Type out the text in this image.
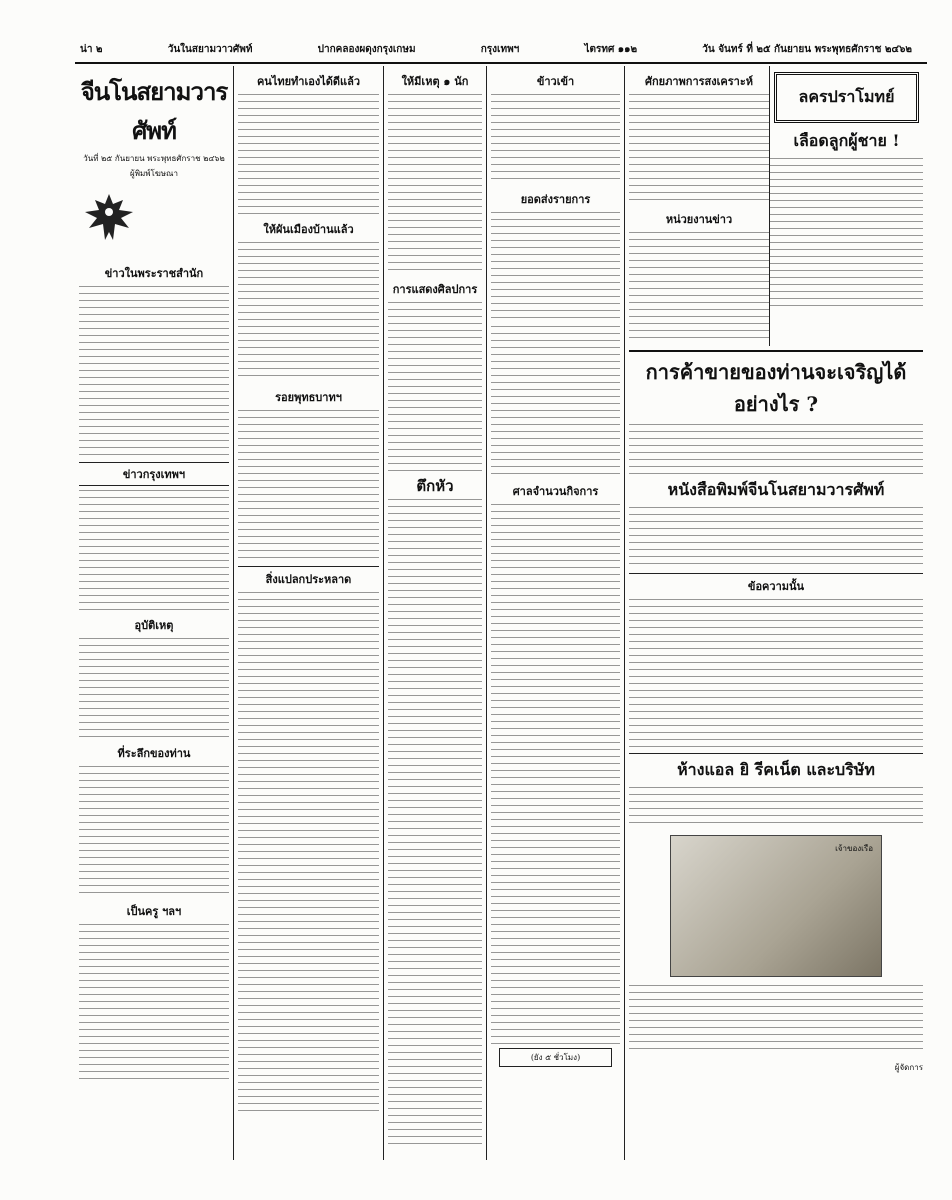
น่า ๒	วันในสยามวาวศัพท์	ปากคลองผดุงกรุงเกษม	กรุงเทพฯ	ไตรทศ ๑๑๒	วัน จันทร์ ที่ ๒๕ กันยายน พระพุทธศักราช ๒๔๖๒
จีนโนสยามวารศัพท์
วันที่ ๒๕ กันยายน พระพุทธศักราช ๒๔๖๒
ผู้พิมพ์โฆษณา
ข่าวในพระราชสำนัก
ข่าวกรุงเทพฯ
อุบัติเหตุ
ที่ระลึกของท่าน
เป็นครู ฯลฯ
คนไทยทำเองได้ดีแล้ว
ให้ผันเมืองบ้านแล้ว
รอยพุทธบาทฯ
สิ่งแปลกประหลาด
ให้มีเหตุ ๑ นัก
การแสดงศิลปการ
ตึกหัว
ข้าวเข้า
ยอดส่งรายการ
ศาลจำนวนกิจการ
(ยัง ๕ ชั่วโมง)
ศักยภาพการสงเคราะห์
หน่วยงานข่าว
ลครปราโมทย์
เลือดลูกผู้ชาย !
การค้าขายของท่านจะเจริญได้อย่างไร ?
หนังสือพิมพ์จีนโนสยามวารศัพท์
ข้อความนั้น
ห้างแอล ยิ รีคเน็ต และบริษัท
เจ้าของเรือ
ผู้จัดการ
